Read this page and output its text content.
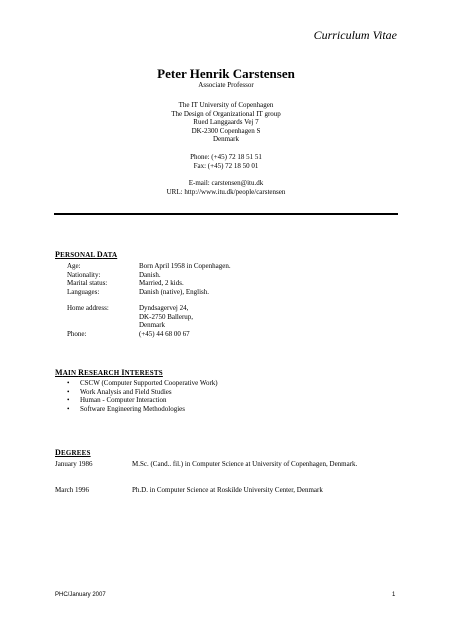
Curriculum Vitae
Peter Henrik Carstensen
Associate Professor
The IT University of Copenhagen
The Design of Organizational IT group
Rued Langgaards Vej 7
DK-2300 Copenhagen S
Denmark
Phone: (+45) 72 18 51 51
Fax: (+45) 72 18 50 01
E-mail: carstensen@itu.dk
URL: http://www.itu.dk/people/carstensen
PERSONAL DATA
Age:	Born April 1958 in Copenhagen.
Nationality:	Danish.
Marital status:	Married, 2 kids.
Languages:	Danish (native), English.
Home address:	Dyndsagervej 24,
DK-2750 Ballerup,
Denmark
Phone:	(+45) 44 68 00 67
MAIN RESEARCH INTERESTS
•	CSCW (Computer Supported Cooperative Work)
•	Work Analysis and Field Studies
•	Human - Computer Interaction
•	Software Engineering Methodologies
DEGREES
January 1986	M.Sc. (Cand.. fil.) in Computer Science at University of Copenhagen, Denmark.
March 1996	Ph.D. in Computer Science at Roskilde University Center, Denmark
PHC/January 2007	1
